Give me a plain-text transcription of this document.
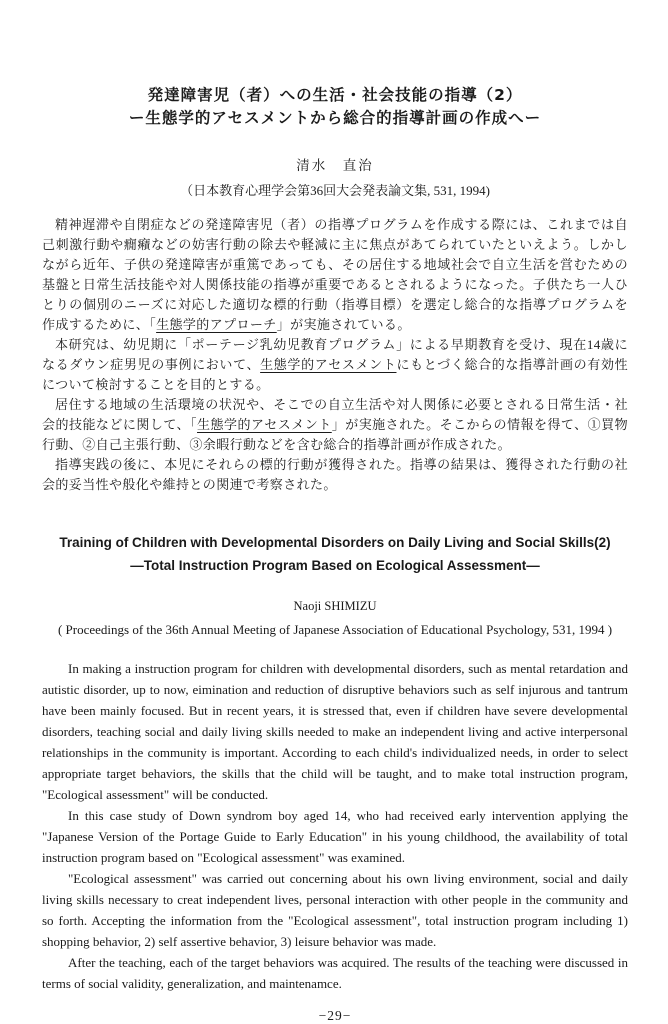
発達障害児（者）への生活・社会技能の指導（2）
ー生態学的アセスメントから総合的指導計画の作成へー
清水　直治
（日本教育心理学会第36回大会発表論文集, 531, 1994)

精神遅滞や自閉症などの発達障害児（者）の指導プログラムを作成する際には、これまでは自己刺激行動や癇癪などの妨害行動の除去や軽減に主に焦点があてられていたといえよう。しかしながら近年、子供の発達障害が重篤であっても、その居住する地域社会で自立生活を営むための基盤と日常生活技能や対人関係技能の指導が重要であるとされるようになった。子供たち一人ひとりの個別のニーズに対応した適切な標的行動（指導目標）を選定し総合的な指導プログラムを作成するために、「生態学的アプローチ」が実施されている。

本研究は、幼児期に「ポーテージ乳幼児教育プログラム」による早期教育を受け、現在14歳になるダウン症男児の事例において、生態学的アセスメントにもとづく総合的な指導計画の有効性について検討することを目的とする。

居住する地域の生活環境の状況や、そこでの自立生活や対人関係に必要とされる日常生活・社会的技能などに関して、「生態学的アセスメント」が実施された。そこからの情報を得て、①買物行動、②自己主張行動、③余暇行動などを含む総合的指導計画が作成された。

指導実践の後に、本児にそれらの標的行動が獲得された。指導の結果は、獲得された行動の社会的妥当性や般化や維持との関連で考察された。

Training of Children with Developmental Disorders on Daily Living and Social Skills(2)
—Total Instruction Program Based on Ecological Assessment—
Naoji SHIMIZU
( Proceedings of the 36th Annual Meeting of Japanese Association of Educational Psychology, 531, 1994 )

In making a instruction program for children with developmental disorders, such as mental retardation and autistic disorder, up to now, eimination and reduction of disruptive behaviors such as self injurous and tantrum have been mainly focused. But in recent years, it is stressed that, even if children have severe developmental disorders, teaching social and daily living skills needed to make an independent living and active interpersonal relationships in the community is important. According to each child's individualized needs, in order to select appropriate target behaviors, the skills that the child will be taught, and to make total instruction program, "Ecological assessment" will be conducted.

In this case study of Down syndrom boy aged 14, who had received early intervention applying the "Japanese Version of the Portage Guide to Early Education" in his young childhood, the availability of total instruction program based on "Ecological assessment" was examined.

"Ecological assessment" was carried out concerning about his own living environment, social and daily living skills necessary to creat independent lives, personal interaction with other people in the community and so forth. Accepting the information from the "Ecological assessment", total instruction program including 1) shopping behavior, 2) self assertive behavior, 3) leisure behavior was made.

After the teaching, each of the target behaviors was acquired. The results of the teaching were discussed in terms of social validity, generalization, and maintenamce.

−29−
